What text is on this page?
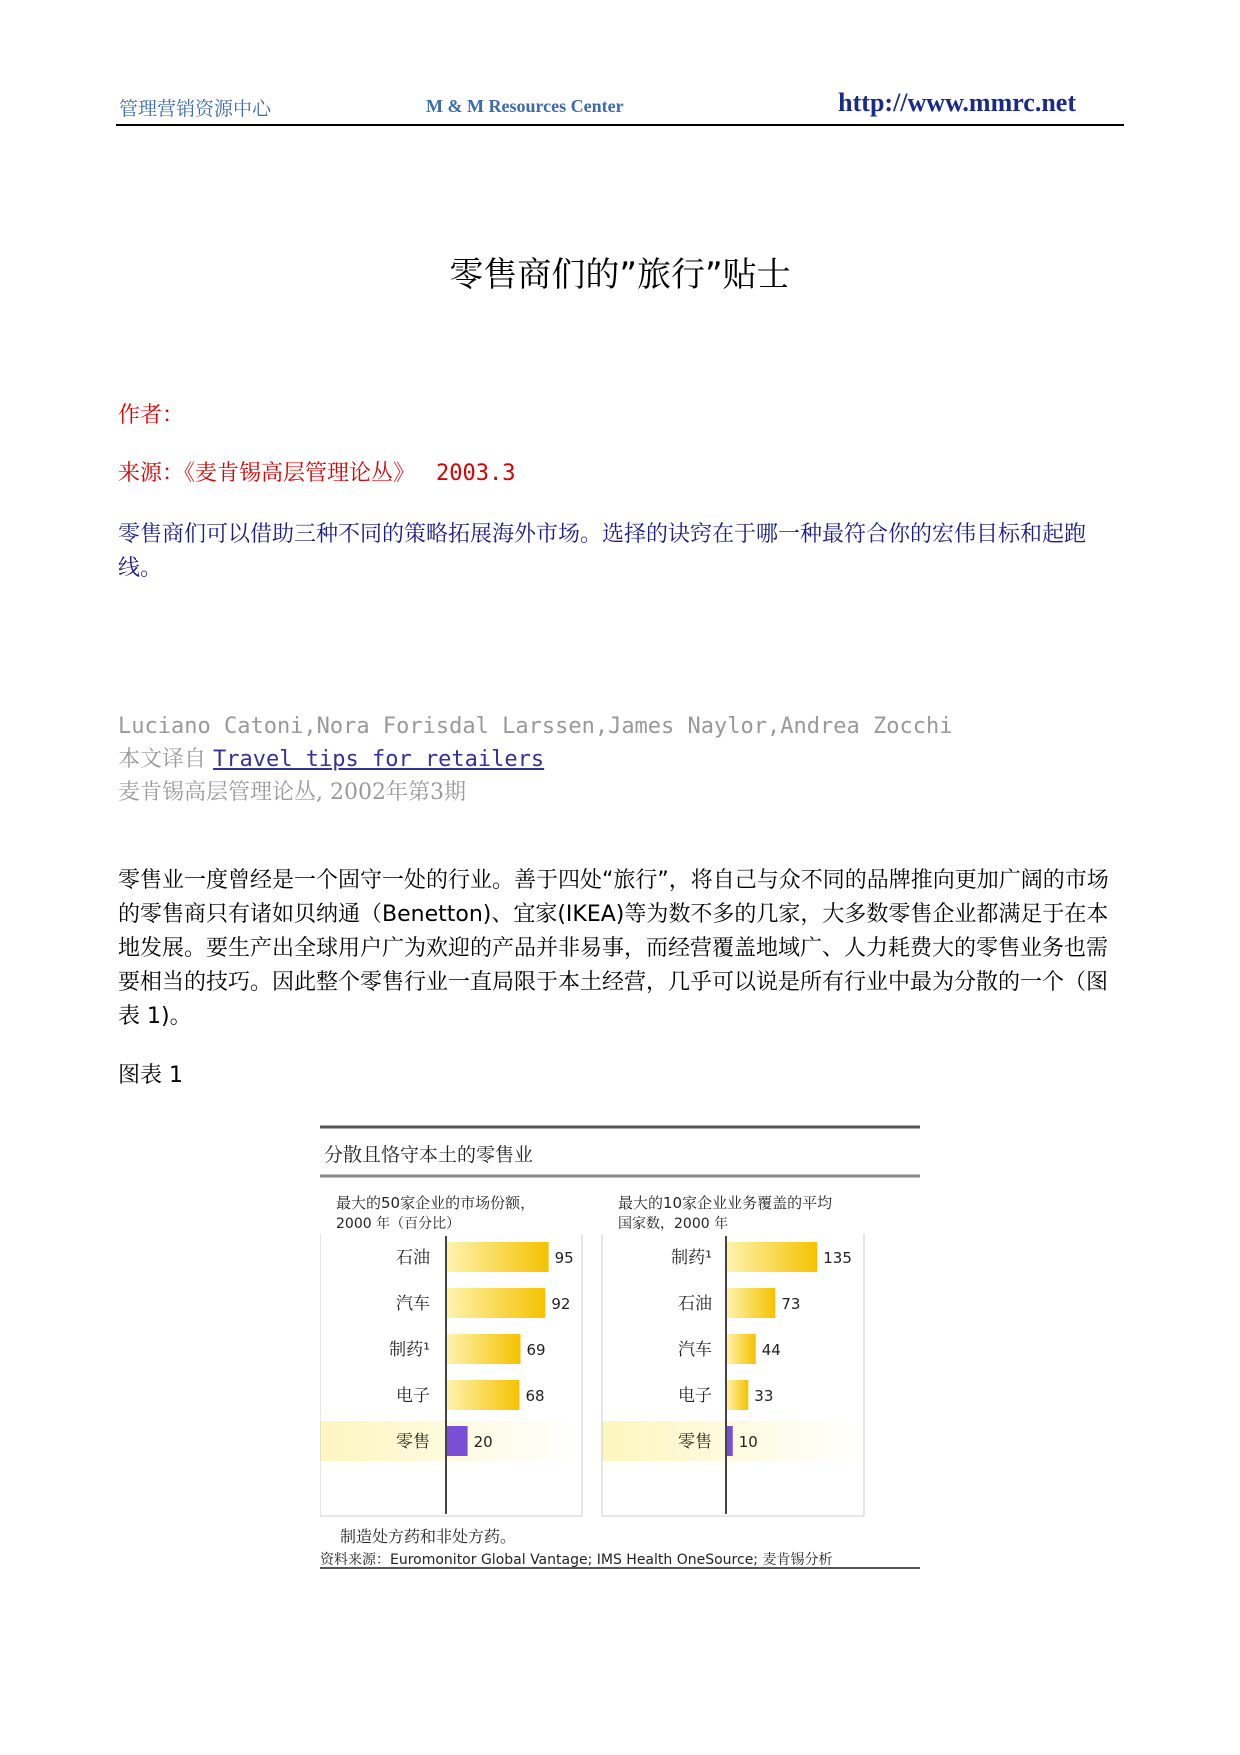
管理营销资源中心	M & M Resources Center	http://www.mmrc.net
零售商们的”旅行”贴士
作者：
来源：《麦肯锡高层管理论丛》 2003.3
零售商们可以借助三种不同的策略拓展海外市场。选择的诀窍在于哪一种最符合你的宏伟目标和起跑线。
Luciano Catoni,Nora Forisdal Larssen,James Naylor,Andrea Zocchi
本文译自 Travel tips for retailers
麦肯锡高层管理论丛, 2002年第3期
零售业一度曾经是一个固守一处的行业。善于四处“旅行”，将自己与众不同的品牌推向更加广阔的市场的零售商只有诸如贝纳通（Benetton)、宜家(IKEA)等为数不多的几家，大多数零售企业都满足于在本地发展。要生产出全球用户广为欢迎的产品并非易事，而经营覆盖地域广、人力耗费大的零售业务也需要相当的技巧。因此整个零售行业一直局限于本土经营，几乎可以说是所有行业中最为分散的一个（图表 1)。
图表 1
分散且恪守本土的零售业
最大的50家企业的市场份额，
2000 年（百分比）
石油	95
汽车	92
制药¹	69
电子	68
零售	20
最大的10家企业业务覆盖的平均
国家数，2000 年
制药¹	135
石油	73
汽车	44
电子	33
零售 10
制造处方药和非处方药。
资料来源：Euromonitor Global Vantage; IMS Health OneSource; 麦肯锡分析
